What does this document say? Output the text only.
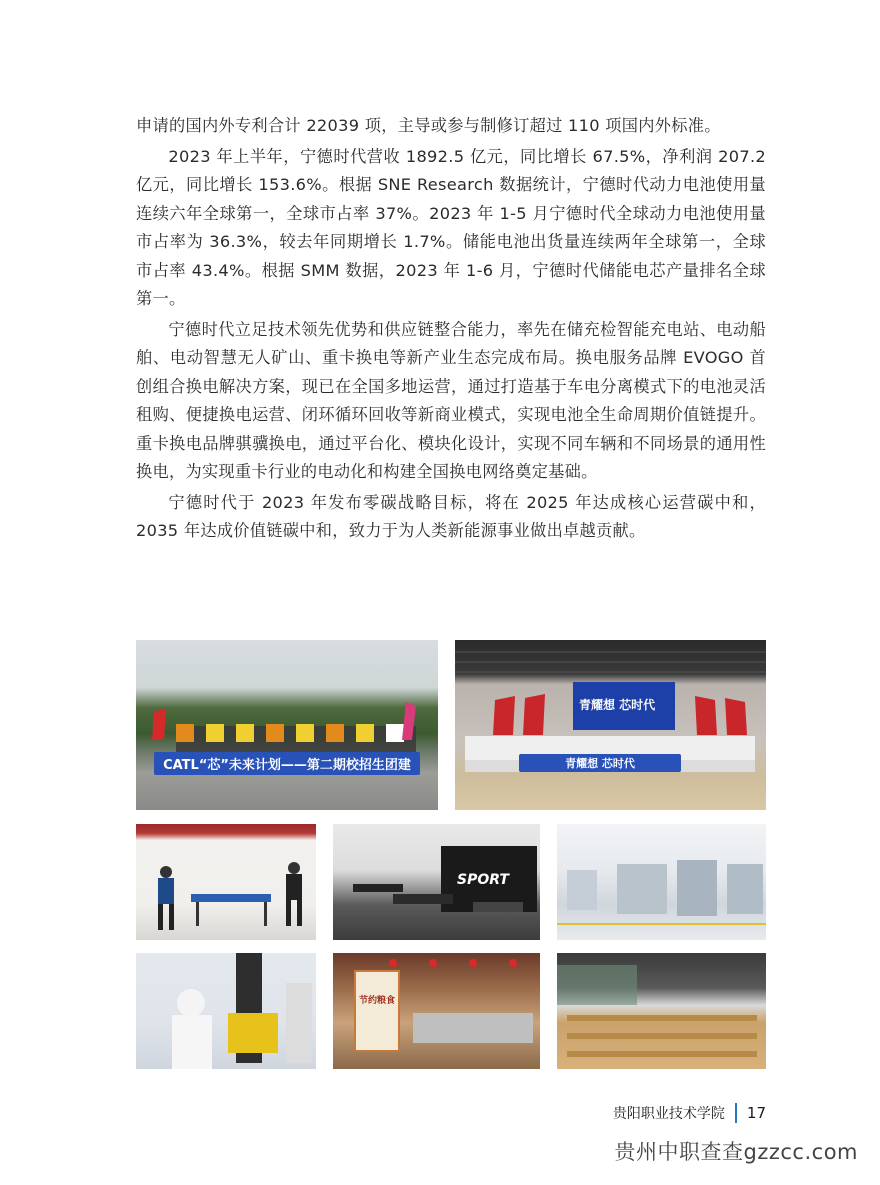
申请的国内外专利合计 22039 项，主导或参与制修订超过 110 项国内外标准。

2023 年上半年，宁德时代营收 1892.5 亿元，同比增长 67.5%，净利润 207.2 亿元，同比增长 153.6%。根据 SNE Research 数据统计，宁德时代动力电池使用量连续六年全球第一，全球市占率 37%。2023 年 1-5 月宁德时代全球动力电池使用量市占率为 36.3%，较去年同期增长 1.7%。储能电池出货量连续两年全球第一，全球市占率 43.4%。根据 SMM 数据，2023 年 1-6 月，宁德时代储能电芯产量排名全球第一。

宁德时代立足技术领先优势和供应链整合能力，率先在储充检智能充电站、电动船舶、电动智慧无人矿山、重卡换电等新产业生态完成布局。换电服务品牌 EVOGO 首创组合换电解决方案，现已在全国多地运营，通过打造基于车电分离模式下的电池灵活租购、便捷换电运营、闭环循环回收等新商业模式，实现电池全生命周期价值链提升。重卡换电品牌骐骥换电，通过平台化、模块化设计，实现不同车辆和不同场景的通用性换电，为实现重卡行业的电动化和构建全国换电网络奠定基础。

宁德时代于 2023 年发布零碳战略目标，将在 2025 年达成核心运营碳中和，2035 年达成价值链碳中和，致力于为人类新能源事业做出卓越贡献。

CATL“芯”未来计划——第二期校招生团建
青耀想 芯时代
青耀想 芯时代
SPORT
节约粮食
贵阳职业技术学院 17
贵州中职查查gzzcc.com
